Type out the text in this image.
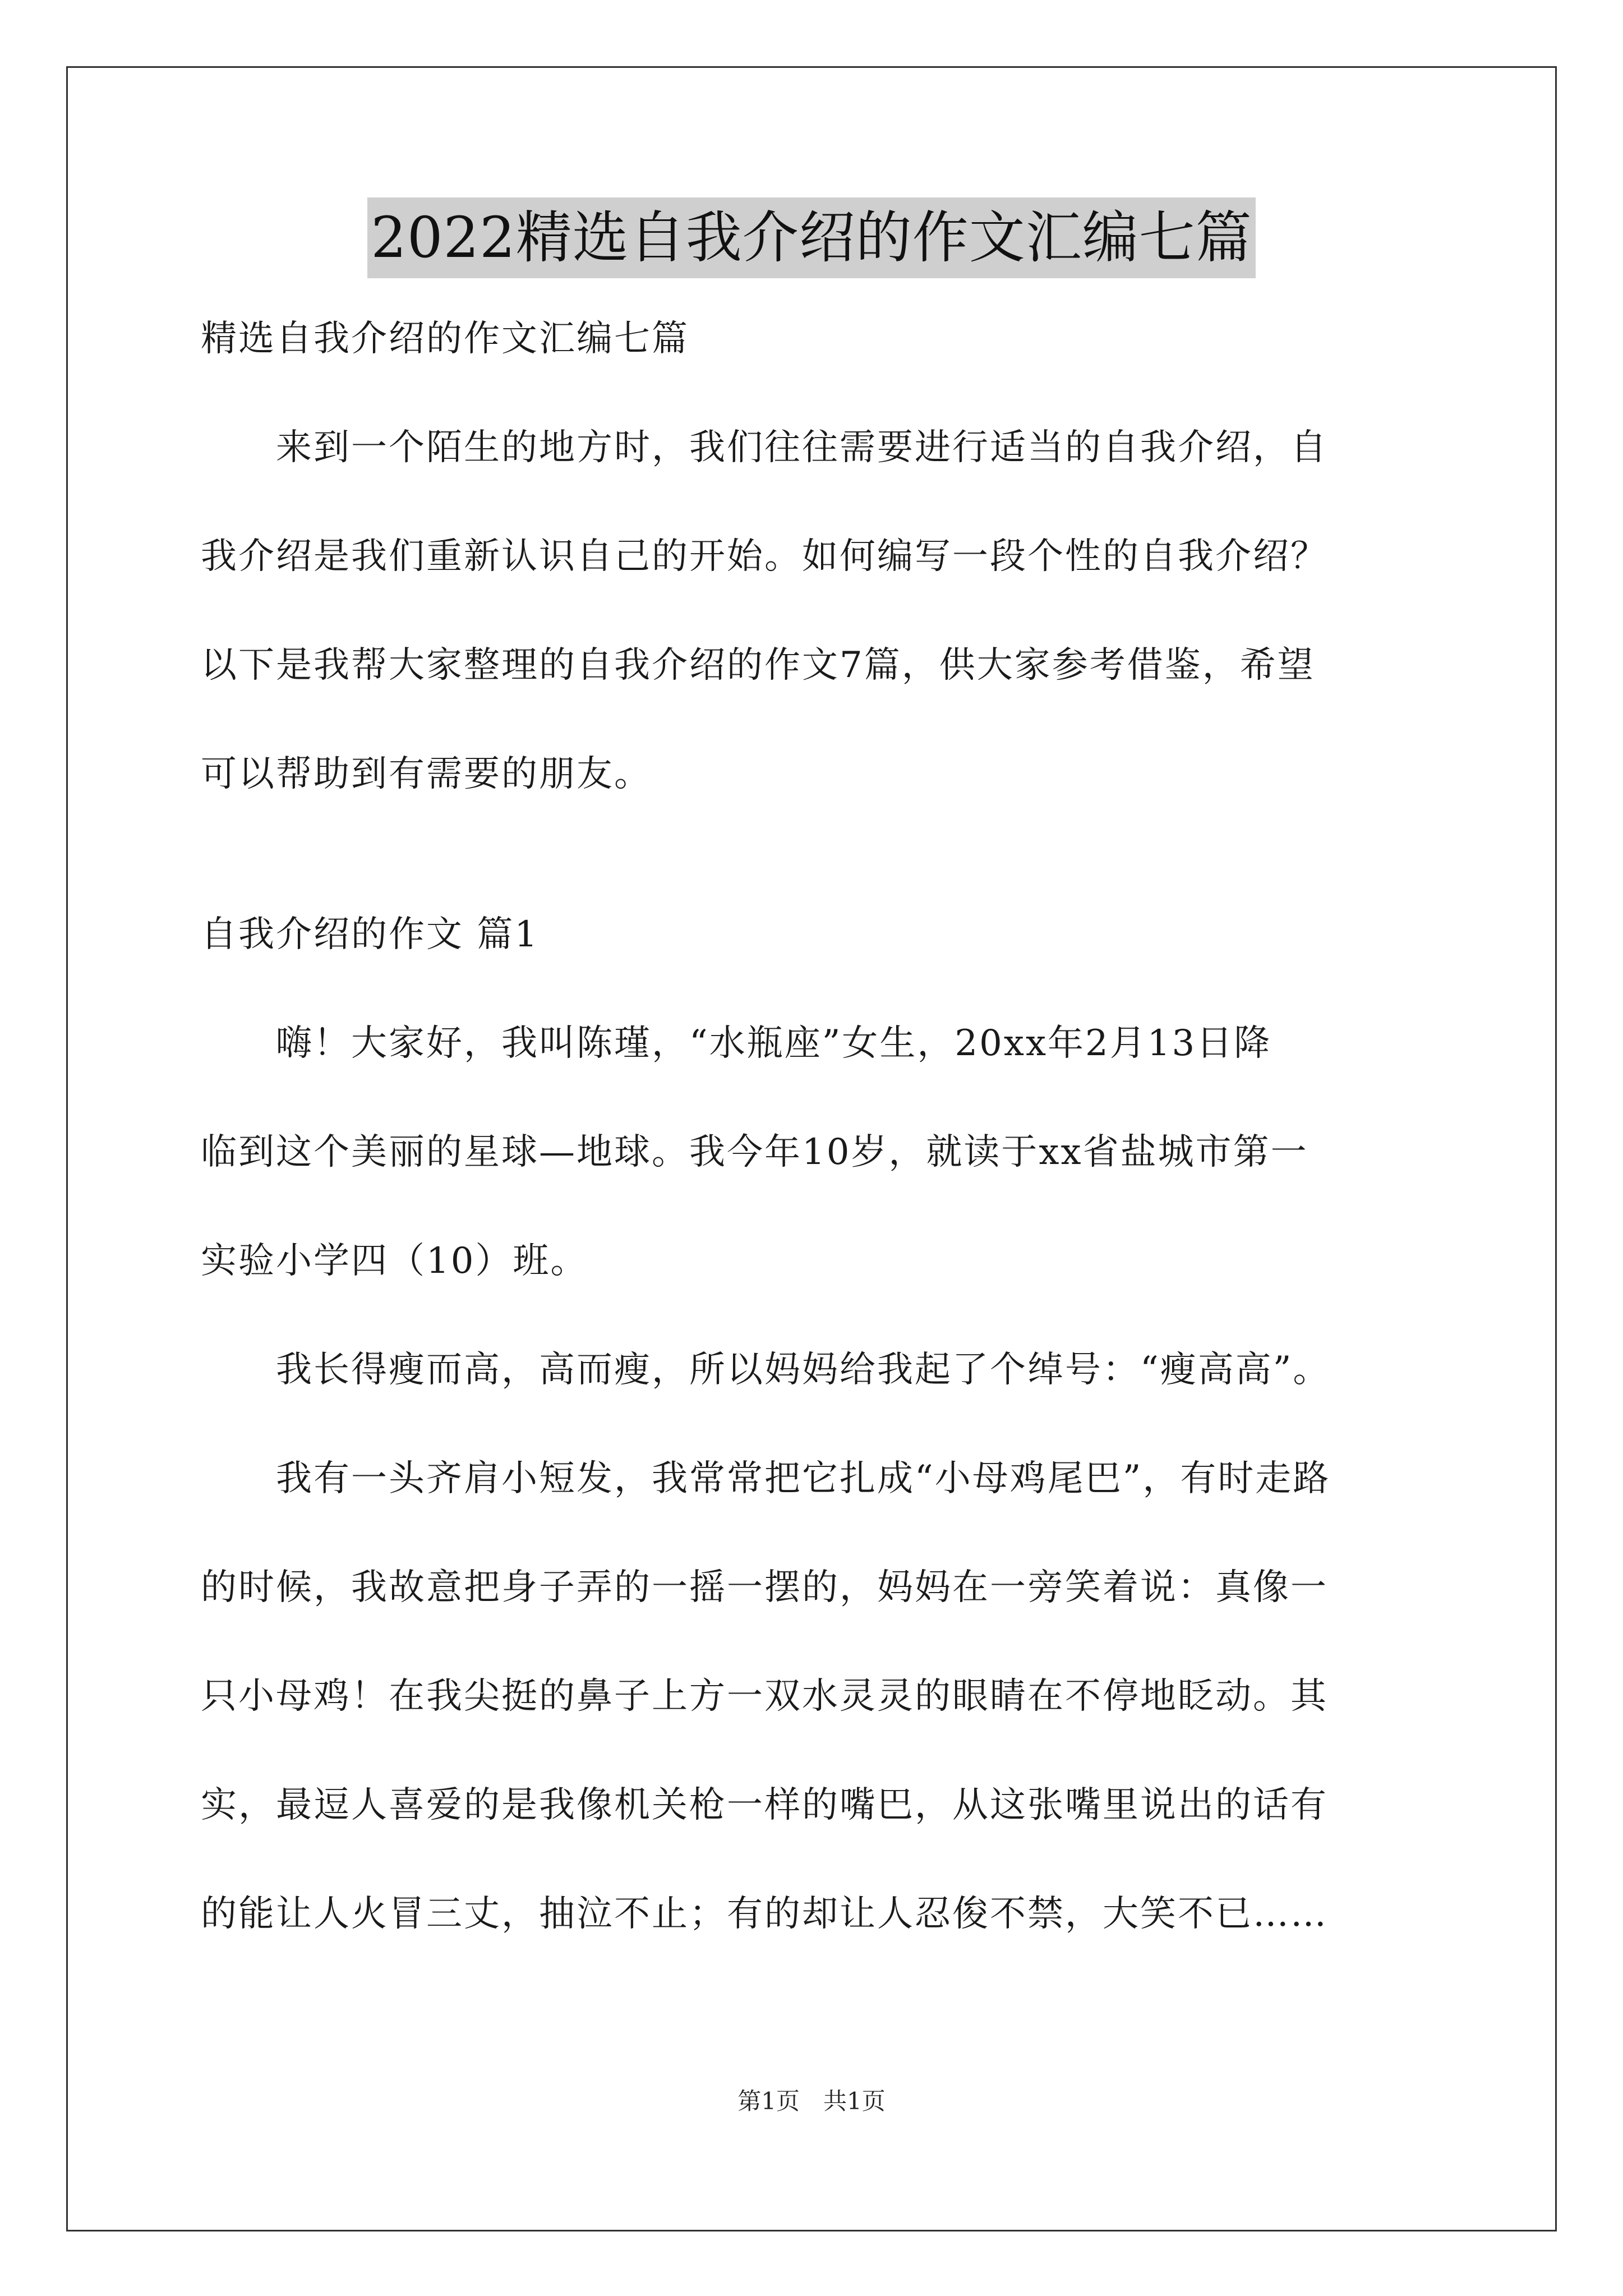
2022精选自我介绍的作文汇编七篇
精选自我介绍的作文汇编七篇
　　来到一个陌生的地方时，我们往往需要进行适当的自我介绍，自
我介绍是我们重新认识自己的开始。如何编写一段个性的自我介绍？
以下是我帮大家整理的自我介绍的作文7篇，供大家参考借鉴，希望
可以帮助到有需要的朋友。
自我介绍的作文 篇1
　　嗨！大家好，我叫陈瑾，“水瓶座”女生，20xx年2月13日降
临到这个美丽的星球—地球。我今年10岁，就读于xx省盐城市第一
实验小学四（10）班。
　　我长得瘦而高，高而瘦，所以妈妈给我起了个绰号：“瘦高高”。
　　我有一头齐肩小短发，我常常把它扎成“小母鸡尾巴”，有时走路
的时候，我故意把身子弄的一摇一摆的，妈妈在一旁笑着说：真像一
只小母鸡！在我尖挺的鼻子上方一双水灵灵的眼睛在不停地眨动。其
实，最逗人喜爱的是我像机关枪一样的嘴巴，从这张嘴里说出的话有
的能让人火冒三丈，抽泣不止；有的却让人忍俊不禁，大笑不已……
第1页　共1页
